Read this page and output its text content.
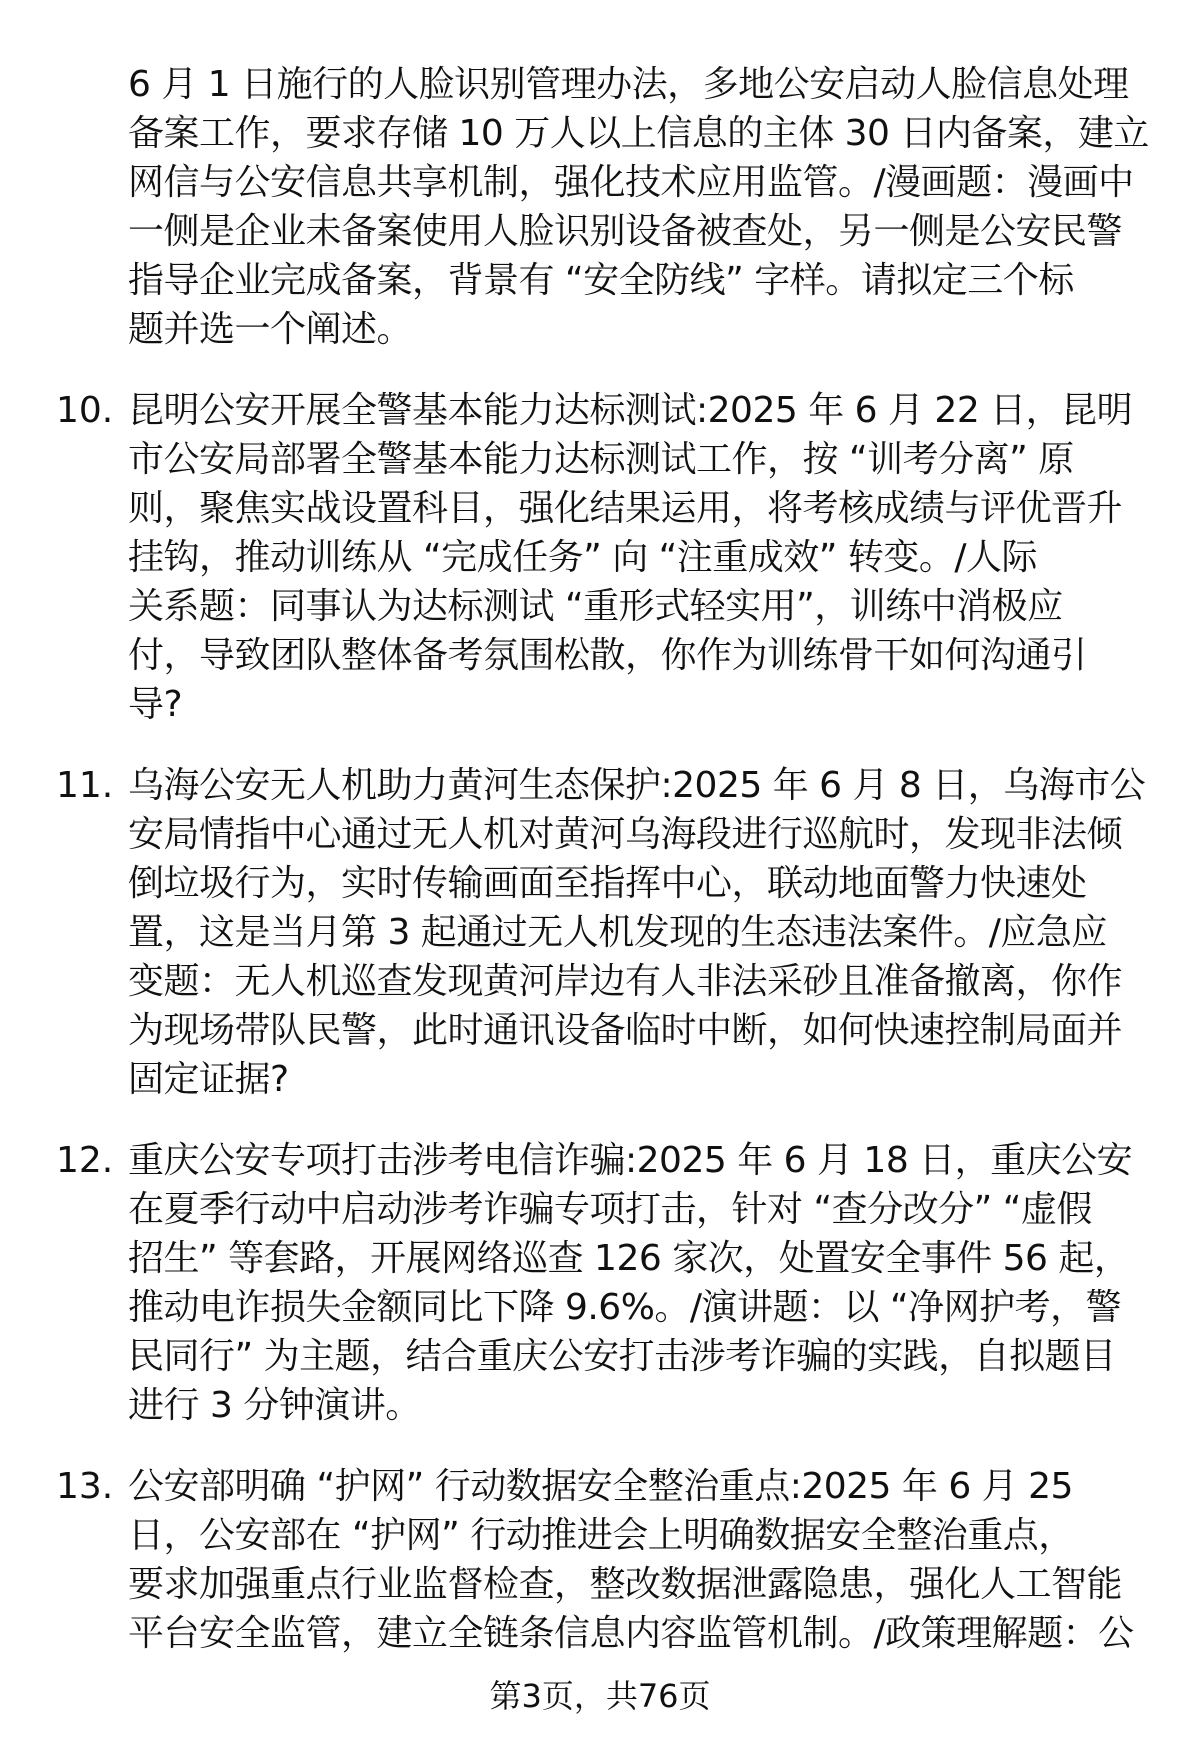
6 月 1 日施行的人脸识别管理办法，多地公安启动人脸信息处理
备案工作，要求存储 10 万人以上信息的主体 30 日内备案，建立
网信与公安信息共享机制，强化技术应用监管。/漫画题：漫画中
一侧是企业未备案使用人脸识别设备被查处，另一侧是公安民警
指导企业完成备案，背景有 “安全防线” 字样。请拟定三个标
题并选一个阐述。
10. 昆明公安开展全警基本能力达标测试:2025 年 6 月 22 日，昆明
市公安局部署全警基本能力达标测试工作，按 “训考分离” 原
则，聚焦实战设置科目，强化结果运用，将考核成绩与评优晋升
挂钩，推动训练从 “完成任务” 向 “注重成效” 转变。/人际
关系题：同事认为达标测试 “重形式轻实用”，训练中消极应
付，导致团队整体备考氛围松散，你作为训练骨干如何沟通引
导?
11. 乌海公安无人机助力黄河生态保护:2025 年 6 月 8 日，乌海市公
安局情指中心通过无人机对黄河乌海段进行巡航时，发现非法倾
倒垃圾行为，实时传输画面至指挥中心，联动地面警力快速处
置，这是当月第 3 起通过无人机发现的生态违法案件。/应急应
变题：无人机巡查发现黄河岸边有人非法采砂且准备撤离，你作
为现场带队民警，此时通讯设备临时中断，如何快速控制局面并
固定证据?
12. 重庆公安专项打击涉考电信诈骗:2025 年 6 月 18 日，重庆公安
在夏季行动中启动涉考诈骗专项打击，针对 “查分改分” “虚假
招生” 等套路，开展网络巡查 126 家次，处置安全事件 56 起，
推动电诈损失金额同比下降 9.6%。/演讲题：以 “净网护考，警
民同行” 为主题，结合重庆公安打击涉考诈骗的实践，自拟题目
进行 3 分钟演讲。
13. 公安部明确 “护网” 行动数据安全整治重点:2025 年 6 月 25
日，公安部在 “护网” 行动推进会上明确数据安全整治重点，
要求加强重点行业监督检查，整改数据泄露隐患，强化人工智能
平台安全监管，建立全链条信息内容监管机制。/政策理解题：公
第3页，共76页
